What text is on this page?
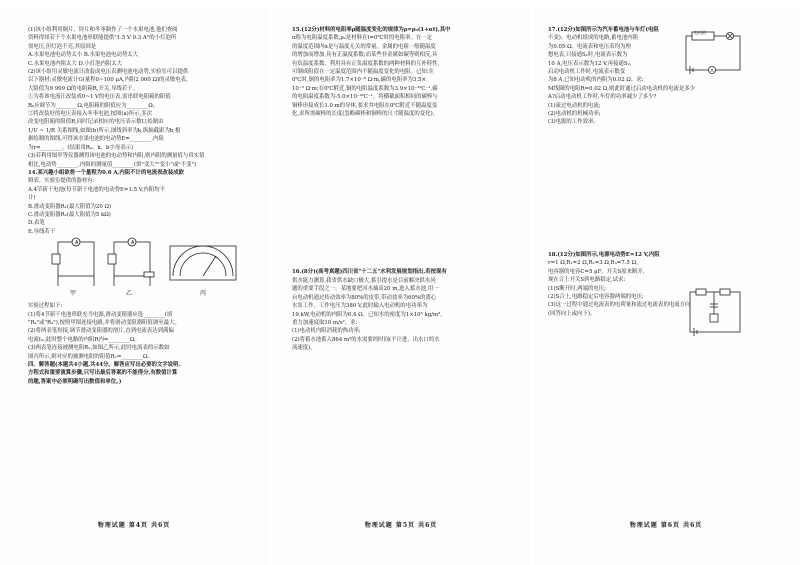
(1)该小组利用铜片、锌片和冬枣制作了一个水果电池,他们查阅
资料得知若干个水果电池串联能提供"1.5 V 0.3 A"的小灯泡所
需电压,但灯泡不亮,其原因是
A.水果电池电动势太小 B.水果电池电动势太大
C.水果电池内阻太大 D.小灯泡内阻太大
(2)该小组用灵敏电流计改装成电压表测电池电动势,实验室可以提供
以下器材:灵敏电流计G(量程0~100 μA,内阻2 000 Ω)的灵敏电表,
大阻值为9 999 Ω的电阻箱R,开关,导线若干。
①为将该电流计改装成0~1 V的电压表,需串联电阻箱的阻值
R₀应调节为________Ω,电阻箱的阻值应为________Ω。
②将改装好的电压表接入冬枣电池,按图(a)所示,多次
改变电阻箱的阻值R,同时记录相应的电压表示数U,绘制由
1/U ~ 1/R 关系图线,如图(b)所示,图线斜率为k,纵轴截距为b,根
据绘制的图线,可得该水果电池的电动势E=________,内阻
为r=________。(结果用R₀、k、b字母表示)
(3)若利用图甲等仪器测得该电池的电动势和内阻,则内阻的测量值与真实值
相比,电动势________,内阻的测量值________(填"变大""变小"或"不变")
14.某兴趣小组欲将一个量程为0.6 A,内阻不计的电流表改装成欧
姆表。实验室提供的器材有:
A.4节新干电池(每节新干电池的电动势E=1.5 V,内阻均不
计)
B.滑动变阻器R₁(最大阻值为20 Ω)
C.滑动变阻器R₂(最大阻值为5 kΩ)
D.表笔
E.导线若干
A	A
甲	乙	丙
实验过程如下:
(1)将4节新干电池串联充当电源,滑动变阻器应选________(填
"R₁"或"R₂"),按照甲图连接电路,并将滑动变阻器阻值调至最大。
(2)将两表笔短接,调节滑动变阻器的滑片,直到电流表达到满偏
电流Iₘ,此时整个电路的内阻R内=________Ω。
(3)两表笔连接被测电阻Rₓ,如图乙所示,此时电流表的示数如
图丙所示,则对应的被测电阻的阻值Rₓ=________Ω。
四、解答题(本题共4小题,共44分。解答应写出必要的文字说明、
方程式和重要演算步骤,只写出最后答案的不能得分,有数值计算
的题,答案中必须明确写出数值和单位。)
物理试题 第4页 共6页
15.(12分)材料的电阻率ρ随温度变化的规律为ρ=ρ₀(1+αt),其中
α称为电阻温度系数,ρ₀是材料在t=0℃时的电阻率。在一定
的温度范围内α是与温度无关的常量。金属的电阻一般随温度
的增加而增加,具有正温度系数;而某些非金属如碳等则相反,具
有负温度系数。利用具有正负温度系数的两种材料的互补特性,
可制成阻值在一定温度范围内不随温度变化的电阻。已知:在
0℃时,铜的电阻率为1.7×10⁻⁸ Ω·m,碳的电阻率为3.5×
10⁻⁵ Ω·m;在0℃附近,铜的电阻温度系数为3.9×10⁻³℃⁻¹,碳
的电阻温度系数为-5.0×10⁻⁴℃⁻¹。将横截面积相同的碳棒与
铜棒串接成长1.0 m的导体,要求其电阻在0℃附近不随温度变
化,求所需碳棒的长度(忽略碳棒和铜棒的尺寸随温度的变化)。
16.(8分)(高考真题)四川省"十二五"水利发展规划指出,若按现有
供水能力测算,我省供水缺口极大,蓄引提水是目前解决供水问
题的重要手段之一。某地要把河水抽高20 m,进入蓄水池,用一
台电动机通过传动效率为80%的皮带,带动效率为60%的离心
水泵工作。工作电压为380 V,此时输入电动机的电功率为
19 kW,电动机的内阻为0.4 Ω。已知水的密度为1×10³ kg/m³,
重力加速度取10 m/s²。求:
(1)电动机内阻消耗的热功率;
(2)将蓄水池蓄入864 m³的水需要的时间(不计进、出水口的水
流速度)。
物理试题 第5页 共6页
17.(12分)如图所示为汽车蓄电池与车灯(电阻
不变)、电动机组成的电路,蓄电池内阻
为0.05 Ω。电流表和电压表均为理
想电表,只接通S₁时,电流表示数为
10 A,电压表示数为12 V,再接通S₂,
启动电动机工作时,电流表示数变
为8 A,已知电动机的内阻为0.02 Ω。求:
M线圈的电阻R=0.02 Ω,则此时通过启动电动机的电流是多少
A?启动电动机工作时,车灯的功率减少了多少?
(1)流过电动机的电流;
(2)电动机的机械功率;
(3)电源的工作效率。
18.(12分)如图所示,电源电动势E=12 V,内阻
r=1 Ω,R₁=2 Ω,R₂=3 Ω,R₃=7.5 Ω,
电容器的电容C=5 μF。开关S原来断开,
现在合上开关S到电路稳定,试求:
(1)S断开时,两端的电压;
(2)S合上,电路稳定后电容器两端的电压;
(3)这一过程中通过电流表的电荷量和流过电流表的电流方向
(回答向上或向下)。
A
电动机
物理试题 第6页 共6页
